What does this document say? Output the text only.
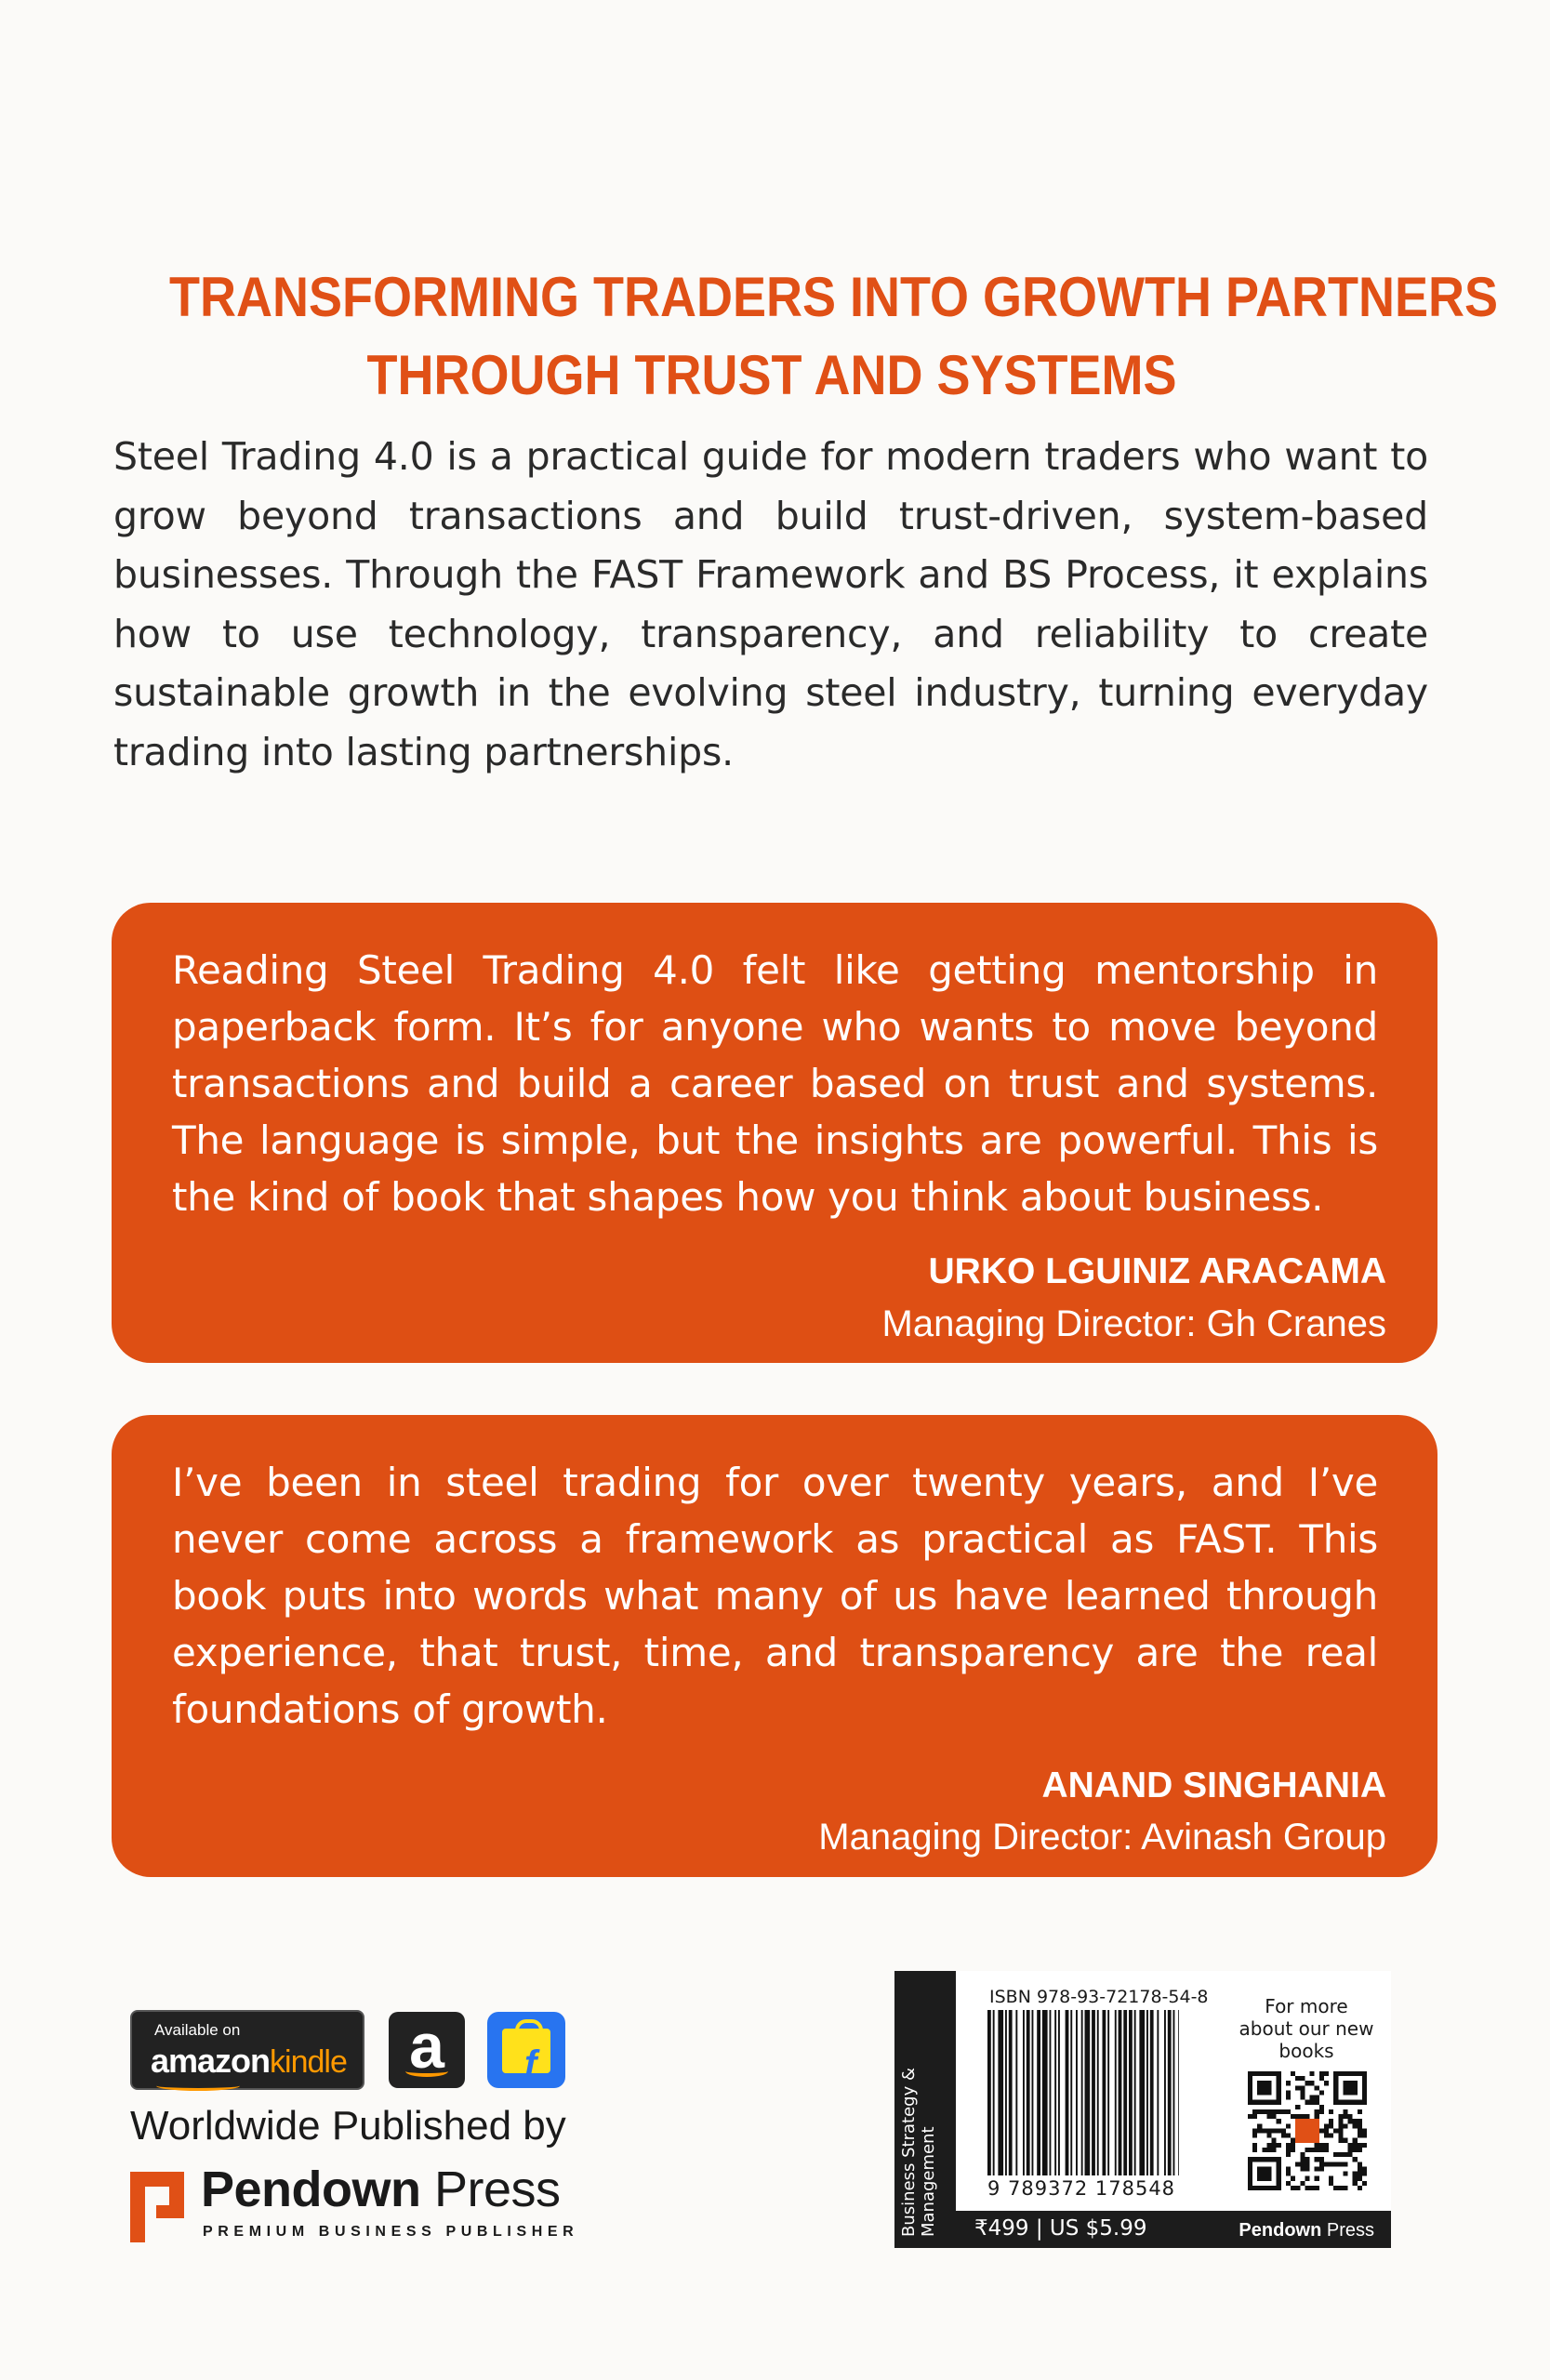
TRANSFORMING TRADERS INTO GROWTH PARTNERS
THROUGH TRUST AND SYSTEMS
Steel Trading 4.0 is a practical guide for modern traders who want to grow beyond transactions and build trust-driven, system-based businesses. Through the FAST Framework and BS Process, it explains how to use technology, transparency, and reliability to create sustainable growth in the evolving steel industry, turning everyday trading into lasting partnerships.
Reading Steel Trading 4.0 felt like getting mentorship in paperback form. It’s for anyone who wants to move beyond transactions and build a career based on trust and systems. The language is simple, but the insights are powerful. This is the kind of book that shapes how you think about business.
URKO LGUINIZ ARACAMA
Managing Director: Gh Cranes
I’ve been in steel trading for over twenty years, and I’ve never come across a framework as practical as FAST. This book puts into words what many of us have learned through experience, that trust, time, and transparency are the real foundations of growth.
ANAND SINGHANIA
Managing Director: Avinash Group
Available on
amazonkindle a	f
Worldwide Published by
Pendown Press
PREMIUM BUSINESS PUBLISHER	Business Strategy & Management
ISBN 978-93-72178-54-8
9 789372 178548
For more about our new books
₹499 | US $5.99	Pendown Press
